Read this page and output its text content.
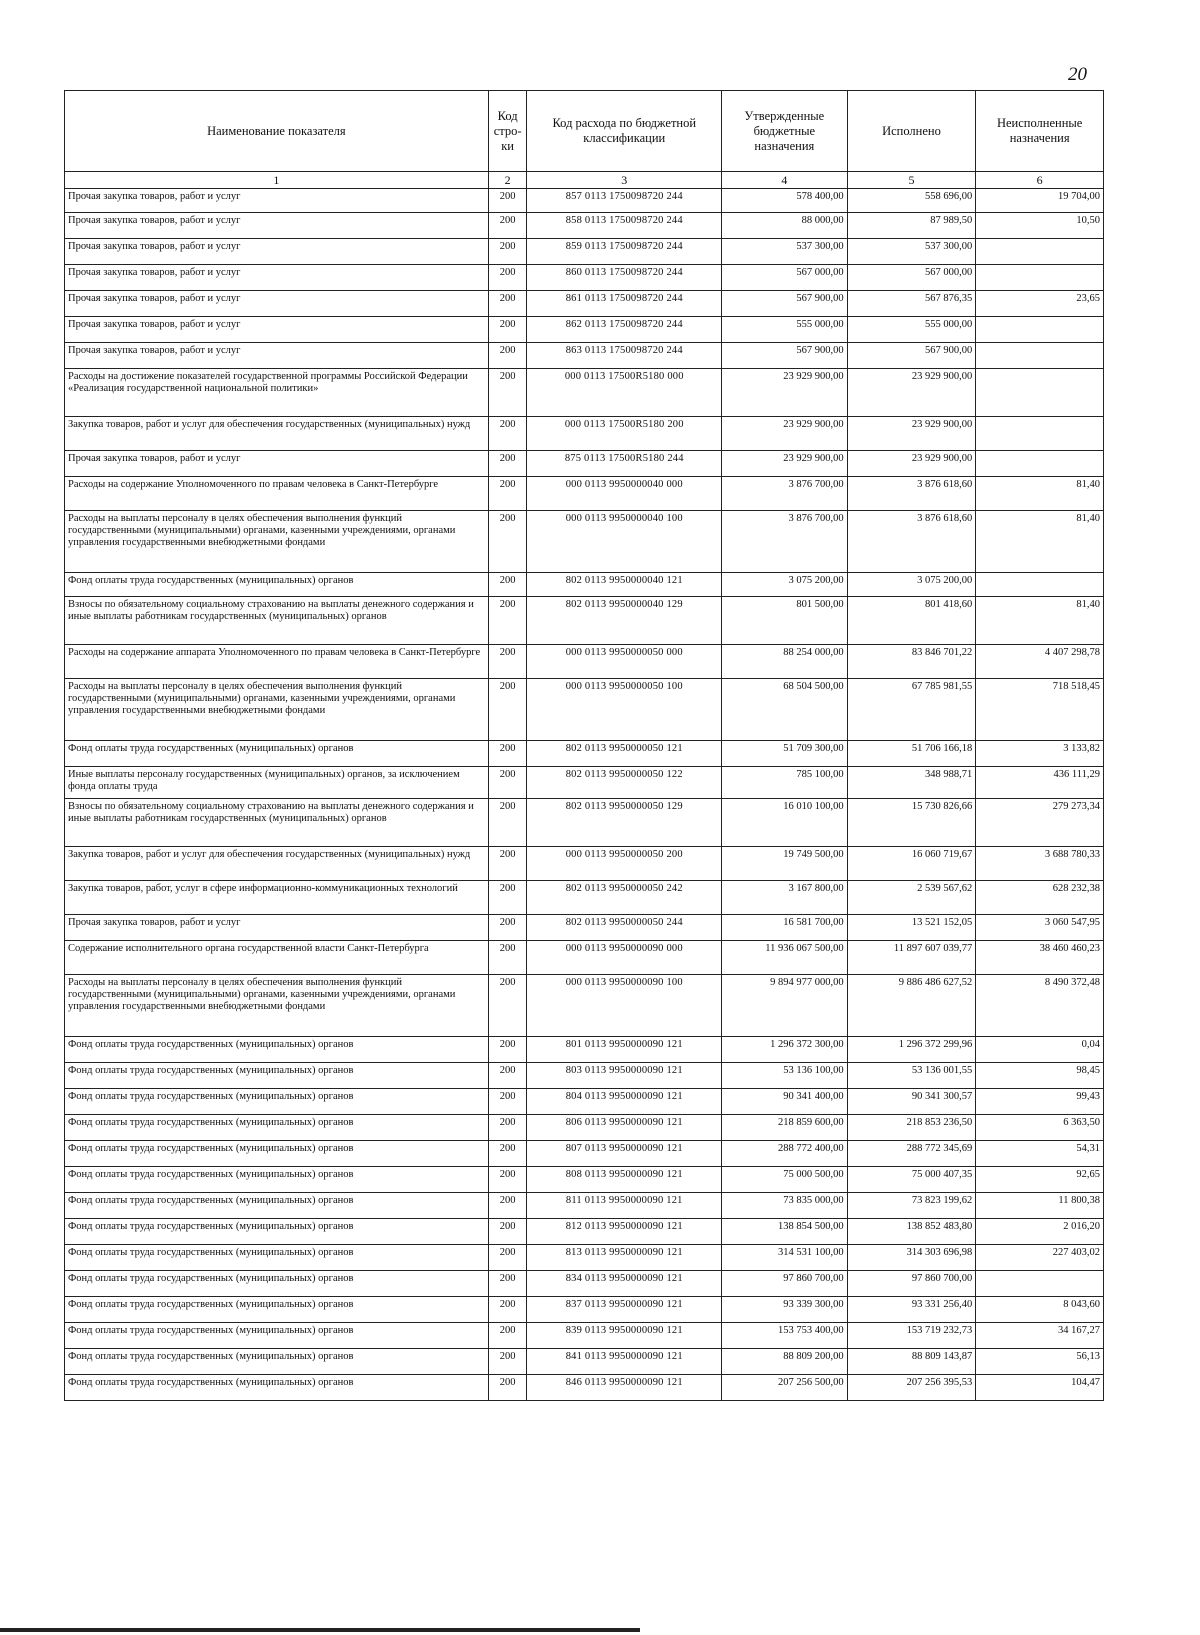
20
Наименование показателя	Код стро- ки	Код расхода по бюджетной классификации	Утвержденные бюджетные назначения	Исполнено	Неисполненные назначения
1	2	3	4	5	6
Прочая закупка товаров, работ и услуг	200	857 0113 1750098720 244	578 400,00	558 696,00	19 704,00
Прочая закупка товаров, работ и услуг	200	858 0113 1750098720 244	88 000,00	87 989,50	10,50
Прочая закупка товаров, работ и услуг	200	859 0113 1750098720 244	537 300,00	537 300,00	
Прочая закупка товаров, работ и услуг	200	860 0113 1750098720 244	567 000,00	567 000,00	
Прочая закупка товаров, работ и услуг	200	861 0113 1750098720 244	567 900,00	567 876,35	23,65
Прочая закупка товаров, работ и услуг	200	862 0113 1750098720 244	555 000,00	555 000,00	
Прочая закупка товаров, работ и услуг	200	863 0113 1750098720 244	567 900,00	567 900,00	
Расходы на достижение показателей государственной программы Российской Федерации «Реализация государственной национальной политики»	200	000 0113 17500R5180 000	23 929 900,00	23 929 900,00	
Закупка товаров, работ и услуг для обеспечения государственных (муниципальных) нужд	200	000 0113 17500R5180 200	23 929 900,00	23 929 900,00	
Прочая закупка товаров, работ и услуг	200	875 0113 17500R5180 244	23 929 900,00	23 929 900,00	
Расходы на содержание Уполномоченного по правам человека в Санкт-Петербурге	200	000 0113 9950000040 000	3 876 700,00	3 876 618,60	81,40
Расходы на выплаты персоналу в целях обеспечения выполнения функций государственными (муниципальными) органами, казенными учреждениями, органами управления государственными внебюджетными фондами	200	000 0113 9950000040 100	3 876 700,00	3 876 618,60	81,40
Фонд оплаты труда государственных (муниципальных) органов	200	802 0113 9950000040 121	3 075 200,00	3 075 200,00	
Взносы по обязательному социальному страхованию на выплаты денежного содержания и иные выплаты работникам государственных (муниципальных) органов	200	802 0113 9950000040 129	801 500,00	801 418,60	81,40
Расходы на содержание аппарата Уполномоченного по правам человека в Санкт-Петербурге	200	000 0113 9950000050 000	88 254 000,00	83 846 701,22	4 407 298,78
Расходы на выплаты персоналу в целях обеспечения выполнения функций государственными (муниципальными) органами, казенными учреждениями, органами управления государственными внебюджетными фондами	200	000 0113 9950000050 100	68 504 500,00	67 785 981,55	718 518,45
Фонд оплаты труда государственных (муниципальных) органов	200	802 0113 9950000050 121	51 709 300,00	51 706 166,18	3 133,82
Иные выплаты персоналу государственных (муниципальных) органов, за исключением фонда оплаты труда	200	802 0113 9950000050 122	785 100,00	348 988,71	436 111,29
Взносы по обязательному социальному страхованию на выплаты денежного содержания и иные выплаты работникам государственных (муниципальных) органов	200	802 0113 9950000050 129	16 010 100,00	15 730 826,66	279 273,34
Закупка товаров, работ и услуг для обеспечения государственных (муниципальных) нужд	200	000 0113 9950000050 200	19 749 500,00	16 060 719,67	3 688 780,33
Закупка товаров, работ, услуг в сфере информационно-коммуникационных технологий	200	802 0113 9950000050 242	3 167 800,00	2 539 567,62	628 232,38
Прочая закупка товаров, работ и услуг	200	802 0113 9950000050 244	16 581 700,00	13 521 152,05	3 060 547,95
Содержание исполнительного органа государственной власти Санкт-Петербурга	200	000 0113 9950000090 000	11 936 067 500,00	11 897 607 039,77	38 460 460,23
Расходы на выплаты персоналу в целях обеспечения выполнения функций государственными (муниципальными) органами, казенными учреждениями, органами управления государственными внебюджетными фондами	200	000 0113 9950000090 100	9 894 977 000,00	9 886 486 627,52	8 490 372,48
Фонд оплаты труда государственных (муниципальных) органов	200	801 0113 9950000090 121	1 296 372 300,00	1 296 372 299,96	0,04
Фонд оплаты труда государственных (муниципальных) органов	200	803 0113 9950000090 121	53 136 100,00	53 136 001,55	98,45
Фонд оплаты труда государственных (муниципальных) органов	200	804 0113 9950000090 121	90 341 400,00	90 341 300,57	99,43
Фонд оплаты труда государственных (муниципальных) органов	200	806 0113 9950000090 121	218 859 600,00	218 853 236,50	6 363,50
Фонд оплаты труда государственных (муниципальных) органов	200	807 0113 9950000090 121	288 772 400,00	288 772 345,69	54,31
Фонд оплаты труда государственных (муниципальных) органов	200	808 0113 9950000090 121	75 000 500,00	75 000 407,35	92,65
Фонд оплаты труда государственных (муниципальных) органов	200	811 0113 9950000090 121	73 835 000,00	73 823 199,62	11 800,38
Фонд оплаты труда государственных (муниципальных) органов	200	812 0113 9950000090 121	138 854 500,00	138 852 483,80	2 016,20
Фонд оплаты труда государственных (муниципальных) органов	200	813 0113 9950000090 121	314 531 100,00	314 303 696,98	227 403,02
Фонд оплаты труда государственных (муниципальных) органов	200	834 0113 9950000090 121	97 860 700,00	97 860 700,00	
Фонд оплаты труда государственных (муниципальных) органов	200	837 0113 9950000090 121	93 339 300,00	93 331 256,40	8 043,60
Фонд оплаты труда государственных (муниципальных) органов	200	839 0113 9950000090 121	153 753 400,00	153 719 232,73	34 167,27
Фонд оплаты труда государственных (муниципальных) органов	200	841 0113 9950000090 121	88 809 200,00	88 809 143,87	56,13
Фонд оплаты труда государственных (муниципальных) органов	200	846 0113 9950000090 121	207 256 500,00	207 256 395,53	104,47
